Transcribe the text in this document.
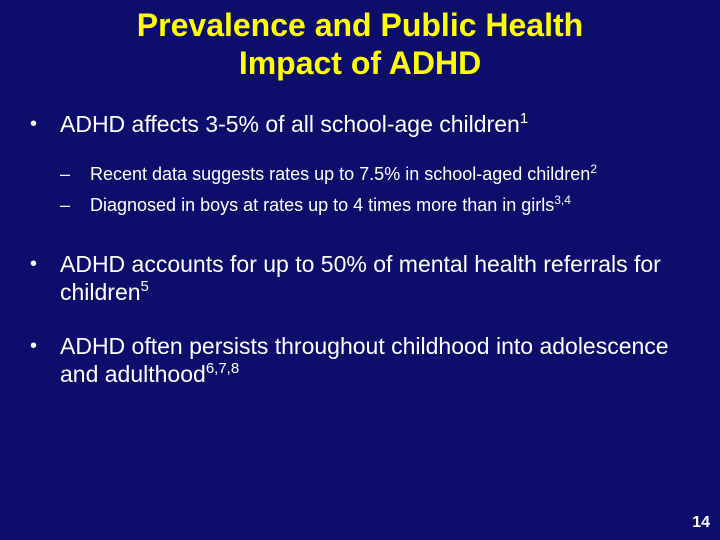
Prevalence and Public Health
Impact of ADHD
• ADHD affects 3-5% of all school-age children$^1$
– Recent data suggests rates up to 7.5% in school-aged children$^2$
– Diagnosed in boys at rates up to 4 times more than in girls$^{3,4}$
• ADHD accounts for up to 50% of mental health referrals for children$^5$
• ADHD often persists throughout childhood into adolescence and adulthood$^{6,7,8}$
14
